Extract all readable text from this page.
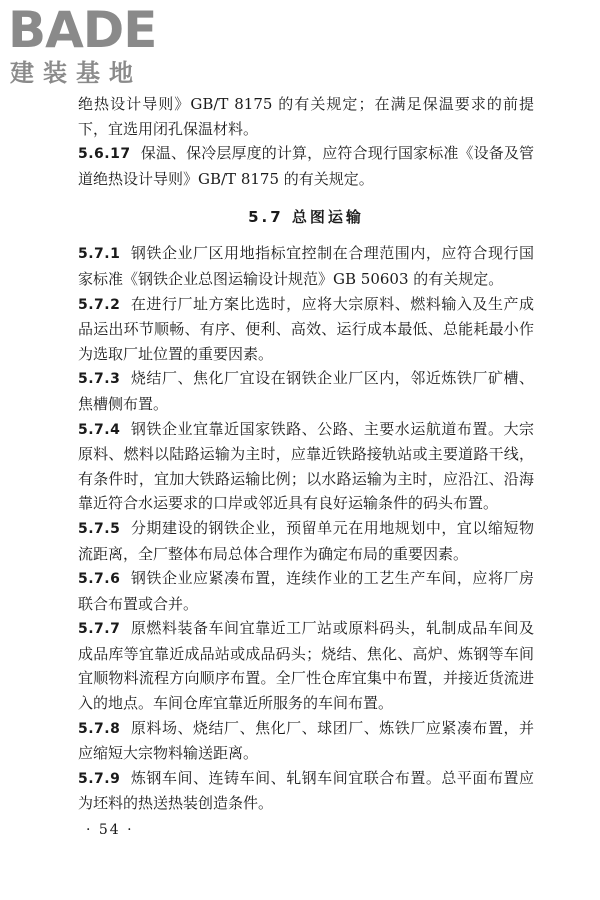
BADE
建装基地

绝热设计导则》GB/T 8175 的有关规定；在满足保温要求的前提下，宜选用闭孔保温材料。

5.6.17 保温、保冷层厚度的计算，应符合现行国家标准《设备及管道绝热设计导则》GB/T 8175 的有关规定。

5.7 总图运输

5.7.1 钢铁企业厂区用地指标宜控制在合理范围内，应符合现行国家标准《钢铁企业总图运输设计规范》GB 50603 的有关规定。

5.7.2 在进行厂址方案比选时，应将大宗原料、燃料输入及生产成品运出环节顺畅、有序、便利、高效、运行成本最低、总能耗最小作为选取厂址位置的重要因素。

5.7.3 烧结厂、焦化厂宜设在钢铁企业厂区内，邻近炼铁厂矿槽、焦槽侧布置。

5.7.4 钢铁企业宜靠近国家铁路、公路、主要水运航道布置。大宗原料、燃料以陆路运输为主时，应靠近铁路接轨站或主要道路干线，有条件时，宜加大铁路运输比例；以水路运输为主时，应沿江、沿海靠近符合水运要求的口岸或邻近具有良好运输条件的码头布置。

5.7.5 分期建设的钢铁企业，预留单元在用地规划中，宜以缩短物流距离，全厂整体布局总体合理作为确定布局的重要因素。

5.7.6 钢铁企业应紧凑布置，连续作业的工艺生产车间，应将厂房联合布置或合并。

5.7.7 原燃料装备车间宜靠近工厂站或原料码头，轧制成品车间及成品库等宜靠近成品站或成品码头；烧结、焦化、高炉、炼钢等车间宜顺物料流程方向顺序布置。全厂性仓库宜集中布置，并接近货流进入的地点。车间仓库宜靠近所服务的车间布置。

5.7.8 原料场、烧结厂、焦化厂、球团厂、炼铁厂应紧凑布置，并应缩短大宗物料输送距离。

5.7.9 炼钢车间、连铸车间、轧钢车间宜联合布置。总平面布置应为坯料的热送热装创造条件。

· 54 ·
